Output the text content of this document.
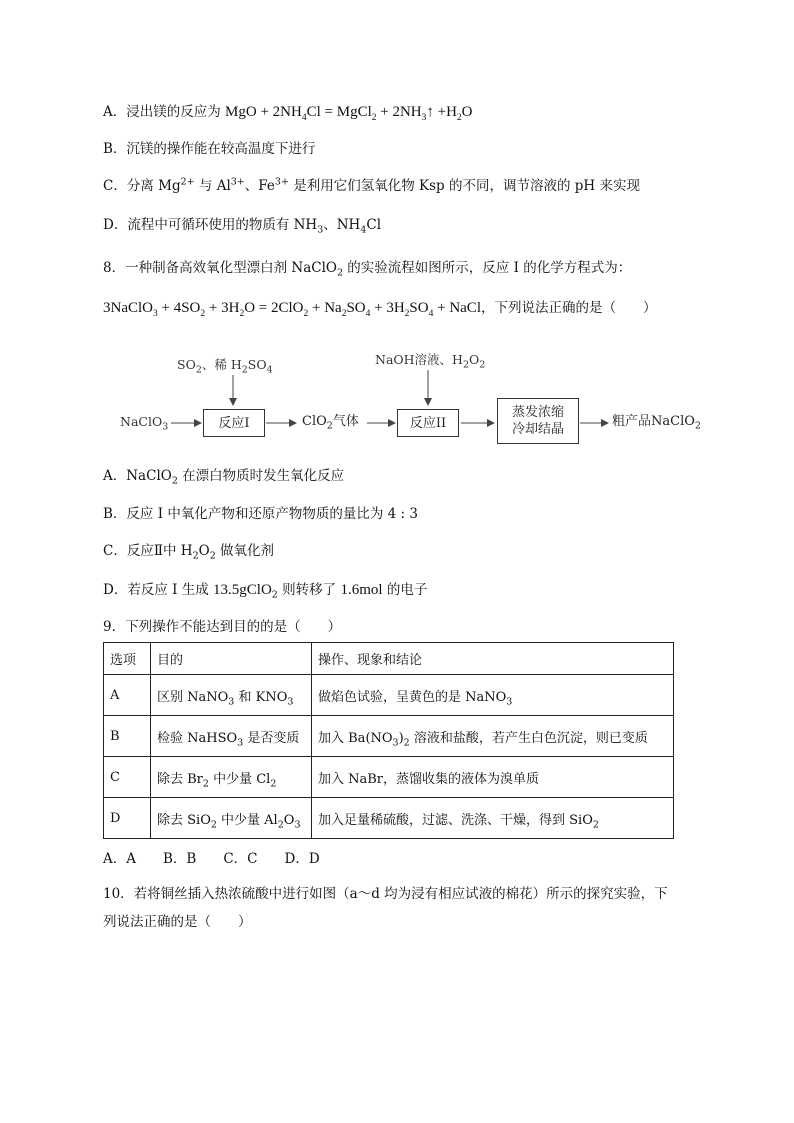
A．浸出镁的反应为 MgO + $2NH_4Cl$ = MgCl$_2$ + $2NH_3↑ +H_2O$
B．沉镁的操作能在较高温度下进行
C．分离 $Mg^{2+}$ 与 $Al^{3+}$、$Fe^{3+}$ 是利用它们氢氧化物 Ksp 的不同，调节溶液的 pH 来实现
D．流程中可循环使用的物质有 $NH_3$、$NH_4Cl$
8．一种制备高效氧化型漂白剂 NaClO$_2$ 的实验流程如图所示，反应 I 的化学方程式为：
3NaClO$_3$ + $4SO_2 + 3H_2O = 2ClO_2 + Na_2SO_4 + 3H_2SO_4$ + NaCl，下列说法正确的是（　　）
NaClO$_3$
$SO_2$、稀 $H_2SO_4$
反应I	ClO$_2$气体
NaOH溶液、$H_2O_2$
反应II
蒸发浓缩
冷却结晶
粗产品NaClO$_2$
A．NaClO$_2$ 在漂白物质时发生氧化反应
B．反应 I 中氧化产物和还原产物物质的量比为 4 : 3
C．反应Ⅱ中 $H_2O_2$ 做氧化剂
D．若反应 I 生成 13.5gClO$_2$ 则转移了 1.6mol 的电子
9．下列操作不能达到目的的是（　　）
选项	目的	操作、现象和结论
A	区别 NaNO$_3$ 和 $KNO_3$	做焰色试验，呈黄色的是 NaNO$_3$
B	检验 NaHSO$_3$ 是否变质	加入 $Ba(NO_3)_2$ 溶液和盐酸，若产生白色沉淀，则已变质
C	除去 $Br_2$ 中少量 $Cl_2$	加入 NaBr，蒸馏收集的液体为溴单质
D	除去 SiO$_2$ 中少量 $Al_2O_3$	加入足量稀硫酸，过滤、洗涤、干燥，得到 SiO$_2$
A．A　　B．B　　C．C　　D．D
10．若将铜丝插入热浓硫酸中进行如图（a～d 均为浸有相应试液的棉花）所示的探究实验，下
列说法正确的是（　　）
